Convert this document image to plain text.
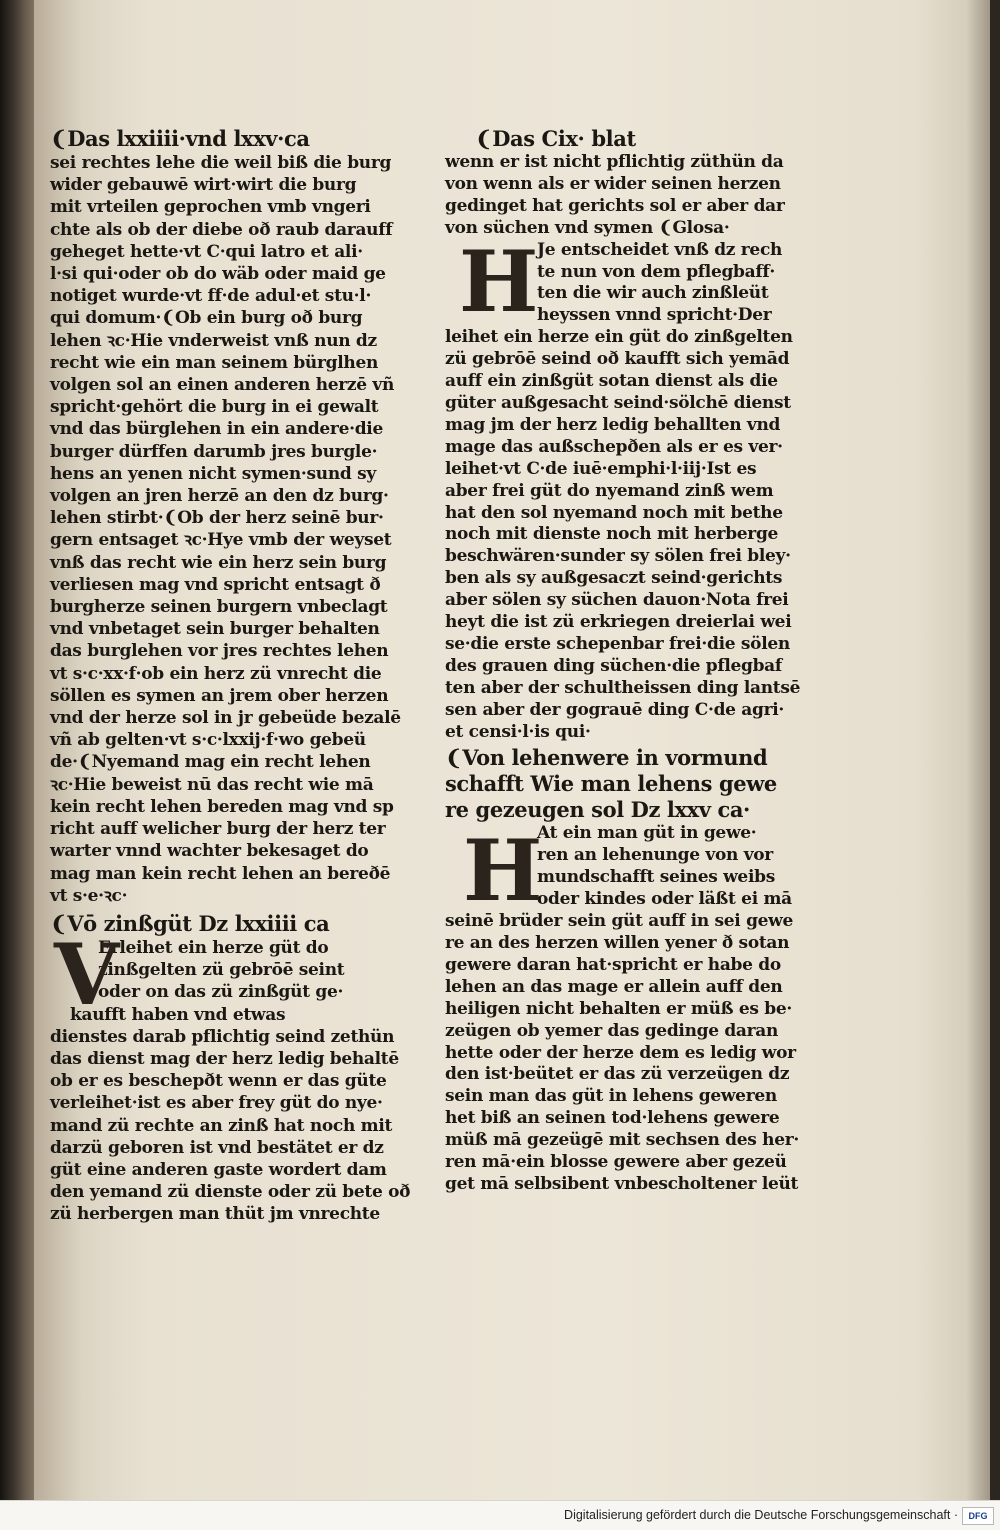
❨Das lxxiiii·vnd lxxv·ca
sei rechtes lehe die weil biß die burg
wider gebauwē wirt·wirt die burg
mit vrteilen geprochen vmb vngeri
chte als ob der diebe oð raub darauff
geheget hette·vt C·qui latro et ali·
l·si qui·oder ob do wäb oder maid ge
notiget wurde·vt ff·de adul·et stu·l·
qui domum·❨Ob ein burg oð burg
lehen ꝛc·Hie vnderweist vnß nun dz
recht wie ein man seinem bürglhen
volgen sol an einen anderen herzē vñ
spricht·gehört die burg in ei gewalt
vnd das bürglehen in ein andere·die
burger dürffen darumb jres burgle·
hens an yenen nicht symen·sund sy
volgen an jren herzē an den dz burg·
lehen stirbt·❨Ob der herz seinē bur·
gern entsaget ꝛc·Hye vmb der weyset
vnß das recht wie ein herz sein burg
verliesen mag vnd spricht entsagt ð
burgherze seinen burgern vnbeclagt
vnd vnbetaget sein burger behalten
das burglehen vor jres rechtes lehen
vt s·c·xx·f·ob ein herz zü vnrecht die
söllen es symen an jrem ober herzen
vnd der herze sol in jr gebeüde bezalē
vñ ab gelten·vt s·c·lxxij·f·wo gebeü
de·❨Nyemand mag ein recht lehen
ꝛc·Hie beweist nū das recht wie mā
kein recht lehen bereden mag vnd sp
richt auff welicher burg der herz ter
warter vnnd wachter bekesaget do
mag man kein recht lehen an bereðē
vt s·e·ꝛc·
❨Vō zinßgüt Dz lxxiiii ca
V
Erleihet ein herze güt do
zinßgelten zü gebrōē seint
oder on das zü zinßgüt ge·
kaufft haben vnd etwas
dienstes darab pflichtig seind zethün
das dienst mag der herz ledig behaltē
ob er es beschepðt wenn er das güte
verleihet·ist es aber frey güt do nye·
mand zü rechte an zinß hat noch mit
darzü geboren ist vnd bestätet er dz
güt eine anderen gaste wordert dam
den yemand zü dienste oder zü bete oð
zü herbergen man thüt jm vnrechte
❨Das Cix· blat
wenn er ist nicht pflichtig züthün da
von wenn als er wider seinen herzen
gedinget hat gerichts sol er aber dar
von süchen vnd symen ❨Glosa·
H
Je entscheidet vnß dz rech
te nun von dem pflegbaff·
ten die wir auch zinßleüt
heyssen vnnd spricht·Der
leihet ein herze ein güt do zinßgelten
zü gebrōē seind oð kaufft sich yemād
auff ein zinßgüt sotan dienst als die
güter außgesacht seind·sölchē dienst
mag jm der herz ledig behallten vnd
mage das außschepðen als er es ver·
leihet·vt C·de iuē·emphi·l·iij·Ist es
aber frei güt do nyemand zinß wem
hat den sol nyemand noch mit bethe
noch mit dienste noch mit herberge
beschwären·sunder sy sölen frei bley·
ben als sy außgesaczt seind·gerichts
aber sölen sy süchen dauon·Nota frei
heyt die ist zü erkriegen dreierlai wei
se·die erste schepenbar frei·die sölen
des grauen ding süchen·die pflegbaf
ten aber der schultheissen ding lantsē
sen aber der gograuē ding C·de agri·
et censi·l·is qui·
❨Von lehenwere in vormund
schafft Wie man lehens gewe
re gezeugen sol Dz lxxv ca·
H
At ein man güt in gewe·
ren an lehenunge von vor
mundschafft seines weibs
oder kindes oder läßt ei mā
seinē brüder sein güt auff in sei gewe
re an des herzen willen yener ð sotan
gewere daran hat·spricht er habe do
lehen an das mage er allein auff den
heiligen nicht behalten er müß es be·
zeügen ob yemer das gedinge daran
hette oder der herze dem es ledig wor
den ist·beütet er das zü verzeügen dz
sein man das güt in lehens geweren
het biß an seinen tod·lehens gewere
müß mā gezeügē mit sechsen des her·
ren mā·ein blosse gewere aber gezeü
get mā selbsibent vnbescholtener leüt
Digitalisierung gefördert durch die Deutsche Forschungsgemeinschaft ·	DFG
